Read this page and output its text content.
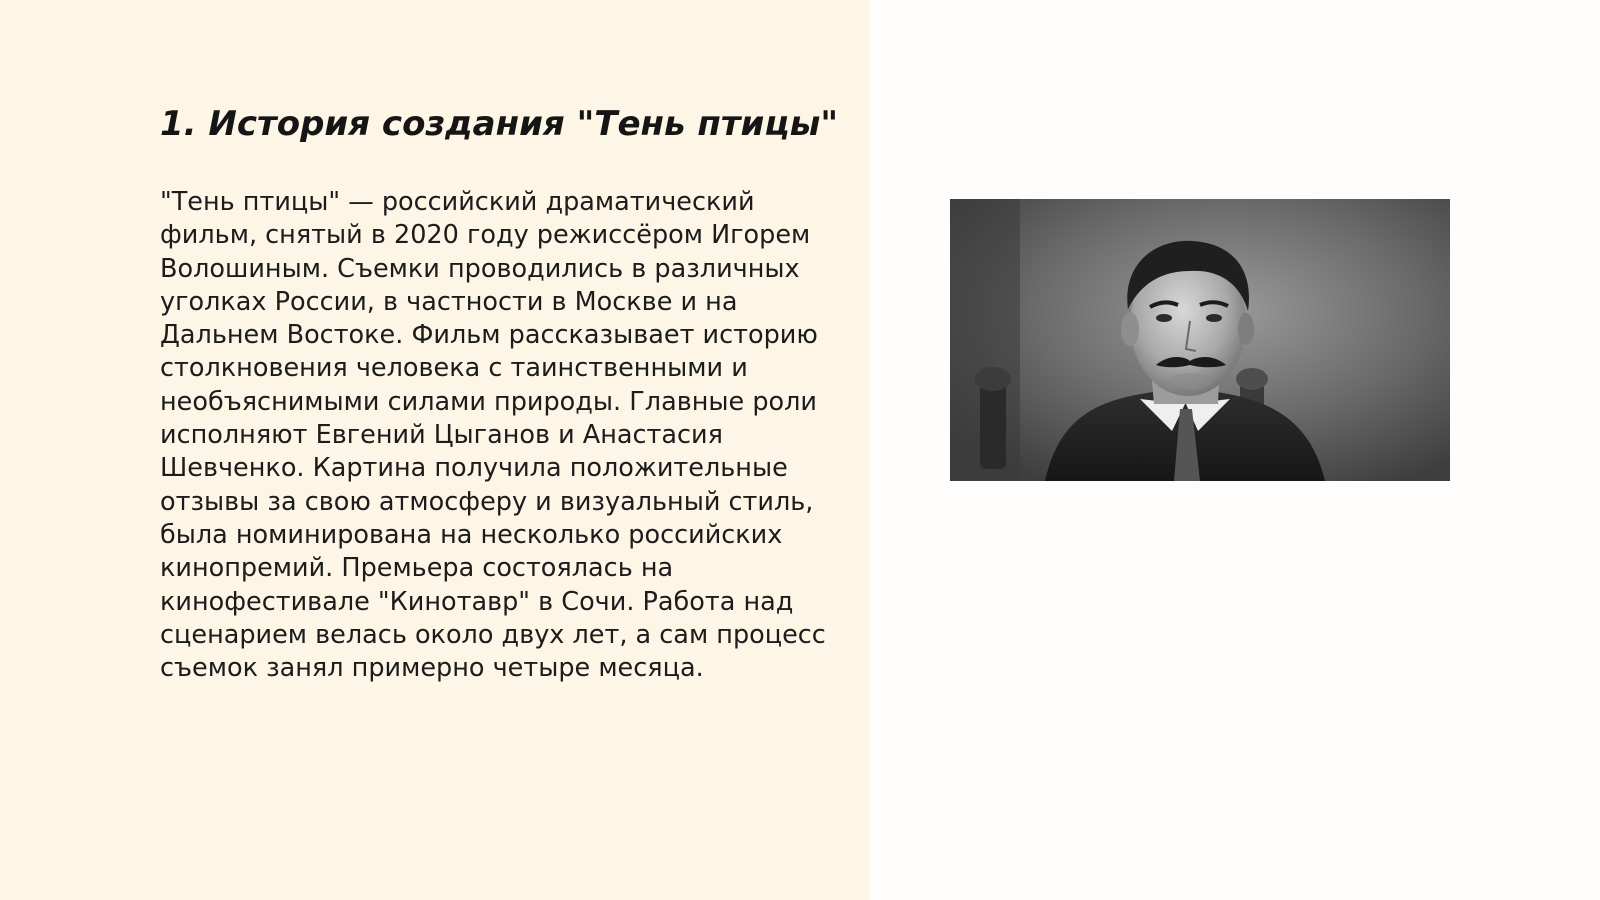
1. История создания "Тень птицы"

"Тень птицы" — российский драматический
фильм, снятый в 2020 году режиссёром Игорем
Волошиным. Съемки проводились в различных
уголках России, в частности в Москве и на
Дальнем Востоке. Фильм рассказывает историю
столкновения человека с таинственными и
необъяснимыми силами природы. Главные роли
исполняют Евгений Цыганов и Анастасия
Шевченко. Картина получила положительные
отзывы за свою атмосферу и визуальный стиль,
была номинирована на несколько российских
кинопремий. Премьера состоялась на
кинофестивале "Кинотавр" в Сочи. Работа над
сценарием велась около двух лет, а сам процесс
съемок занял примерно четыре месяца.
